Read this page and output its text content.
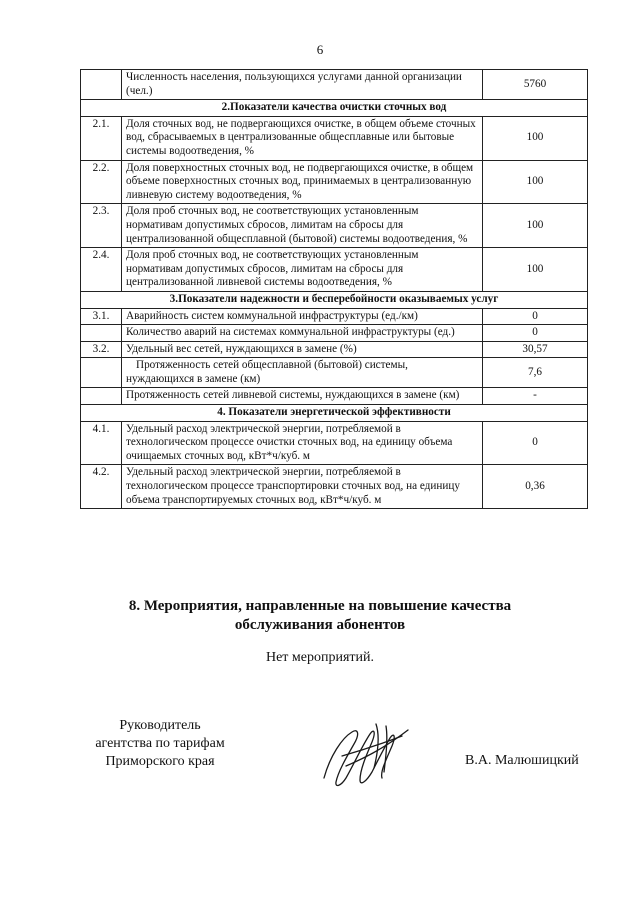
6
	Численность населения, пользующихся услугами данной организации (чел.)	5760
2.Показатели качества очистки сточных вод		
2.1.	Доля сточных вод, не подвергающихся очистке, в общем объеме сточных вод, сбрасываемых в централизованные общесплавные или бытовые системы водоотведения, %	100
2.2.	Доля поверхностных сточных вод, не подвергающихся очистке, в общем объеме поверхностных сточных вод, принимаемых в централизованную ливневую систему водоотведения, %	100
2.3.	Доля проб сточных вод, не соответствующих установленным нормативам допустимых сбросов, лимитам на сбросы для централизованной общесплавной (бытовой) системы водоотведения, %	100
2.4.	Доля проб сточных вод, не соответствующих установленным нормативам допустимых сбросов, лимитам на сбросы для централизованной ливневой системы водоотведения, %	100
3.Показатели надежности и бесперебойности оказываемых услуг		
3.1.	Аварийность систем коммунальной инфраструктуры (ед./км)	0
	Количество аварий на системах коммунальной инфраструктуры (ед.)	0
3.2.	Удельный вес сетей, нуждающихся в замене (%)	30,57
	Протяженность сетей общесплавной (бытовой) системы, нуждающихся в замене (км)	7,6
	Протяженность сетей ливневой системы, нуждающихся в замене (км)	-
4. Показатели энергетической эффективности		
4.1.	Удельный расход электрической энергии, потребляемой в технологическом процессе очистки сточных вод, на единицу объема очищаемых сточных вод, кВт*ч/куб. м	0
4.2.	Удельный расход электрической энергии, потребляемой в технологическом процессе транспортировки сточных вод, на единицу объема транспортируемых сточных вод, кВт*ч/куб. м	0,36
8. Мероприятия, направленные на повышение качества
обслуживания абонентов
Нет мероприятий.
Руководитель
агентства по тарифам
Приморского края	В.А. Малюшицкий
